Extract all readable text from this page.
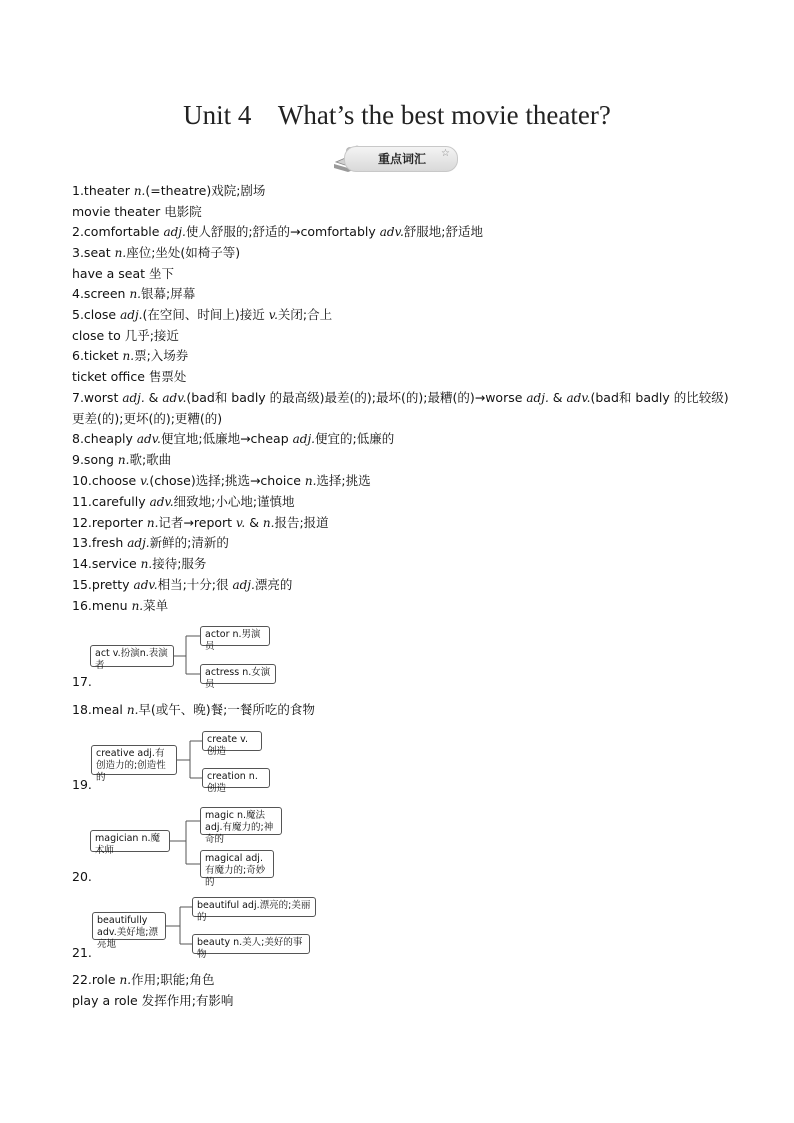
Unit 4    What’s the best movie theater?
重点词汇 ☆
1.theater n.(=theatre)戏院;剧场
movie theater 电影院
2.comfortable adj.使人舒服的;舒适的→comfortably adv.舒服地;舒适地
3.seat n.座位;坐处(如椅子等)
have a seat 坐下
4.screen n.银幕;屏幕
5.close adj.(在空间、时间上)接近 v.关闭;合上
close to 几乎;接近
6.ticket n.票;入场券
ticket office 售票处
7.worst adj. & adv.(bad和 badly 的最高级)最差(的);最坏(的);最糟(的)→worse adj. & adv.(bad和 badly 的比较级)
更差(的);更坏(的);更糟(的)
8.cheaply adv.便宜地;低廉地→cheap adj.便宜的;低廉的
9.song n.歌;歌曲
10.choose v.(chose)选择;挑选→choice n.选择;挑选
11.carefully adv.细致地;小心地;谨慎地
12.reporter n.记者→report v. & n.报告;报道
13.fresh adj.新鲜的;清新的
14.service n.接待;服务
15.pretty adv.相当;十分;很 adj.漂亮的
16.menu n.菜单
18.meal n.早(或午、晚)餐;一餐所吃的食物
22.role n.作用;职能;角色
play a role 发挥作用;有影响
17.
act v.扮演n.表演者
actor n.男演员
actress n.女演员
19.
creative adj.有创造力的;创造性的
create v.创造
creation n.创造
20.
magician n.魔术师
magic n.魔法 adj.有魔力的;神奇的
magical adj.有魔力的;奇妙的
21.
beautifully adv.美好地;漂亮地
beautiful adj.漂亮的;美丽的
beauty n.美人;美好的事物
